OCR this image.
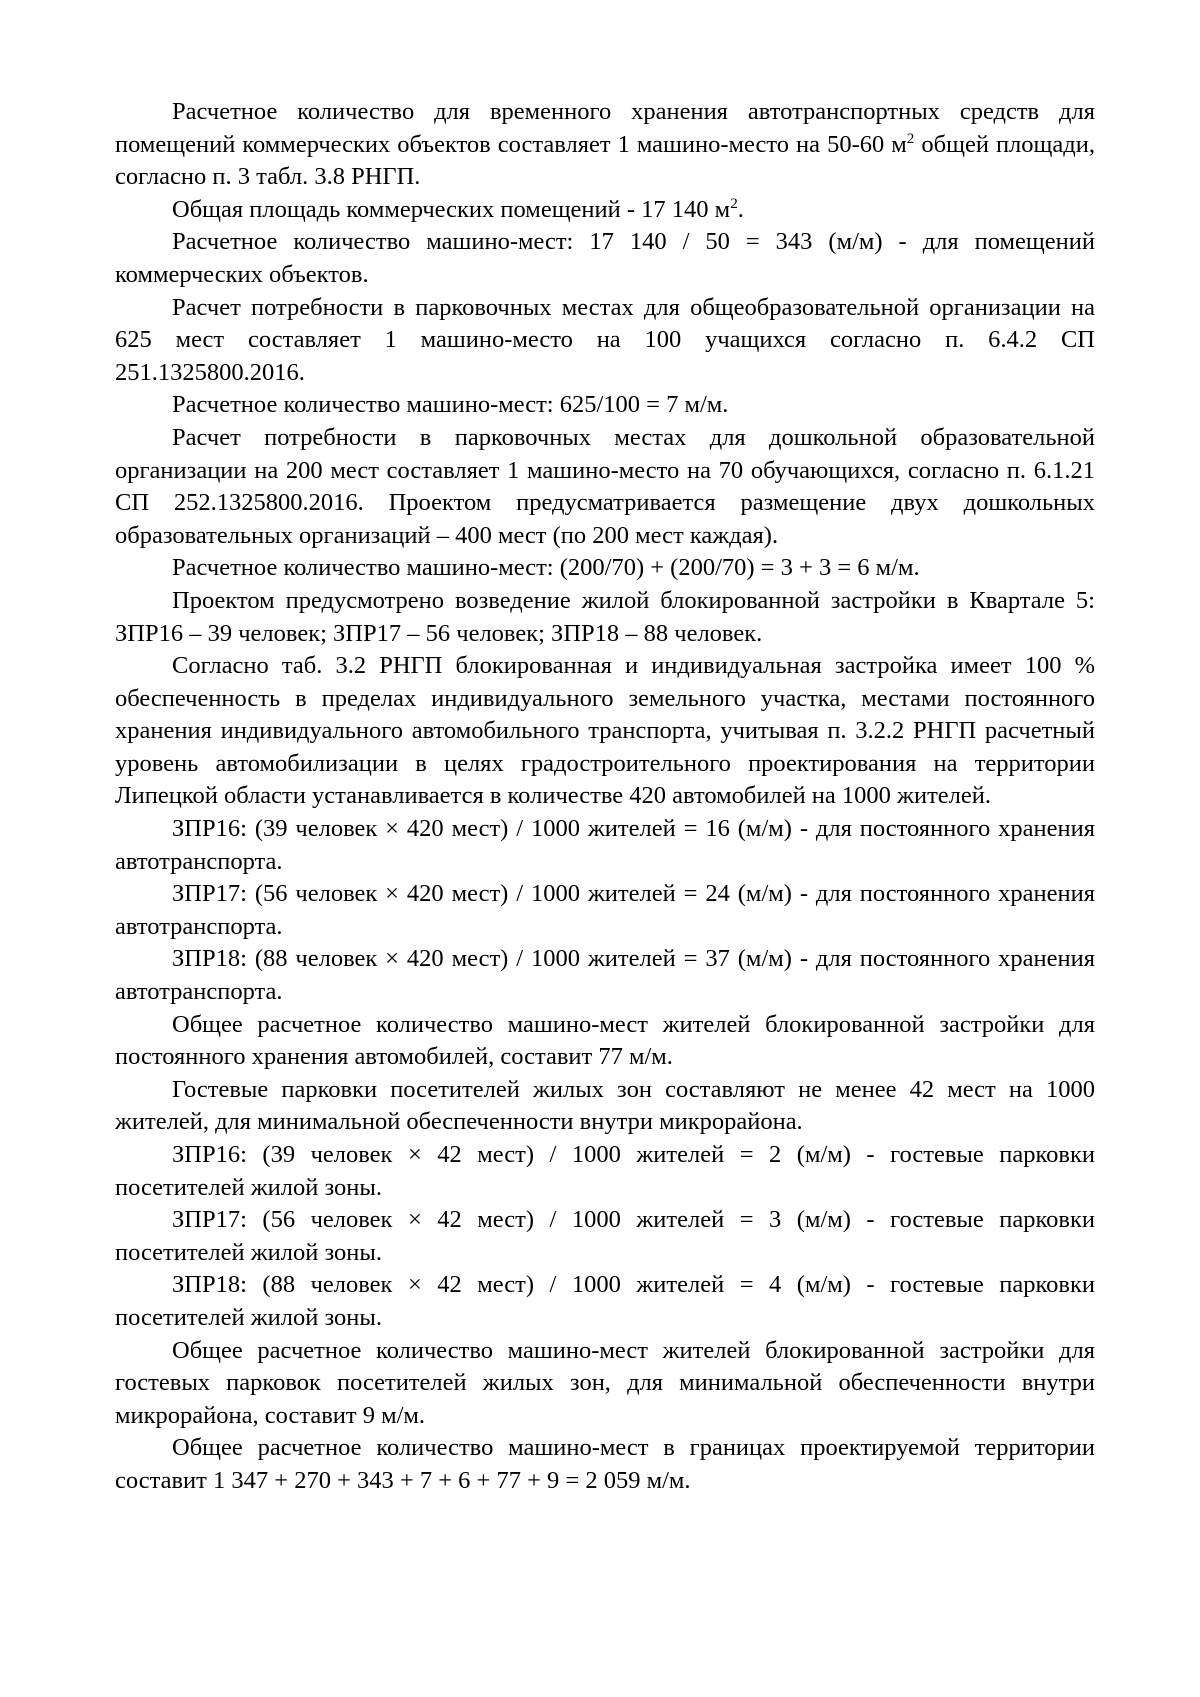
Расчетное количество для временного хранения автотранспортных средств для помещений коммерческих объектов составляет 1 машино-место на 50-60 $м^2$ общей площади, согласно п. 3 табл. 3.8 РНГП.

Общая площадь коммерческих помещений - 17 140 $м^2$.

Расчетное количество машино-мест: 17 140 / 50 = 343 (м/м) - для помещений коммерческих объектов.

Расчет потребности в парковочных местах для общеобразовательной организации на 625 мест составляет 1 машино-место на 100 учащихся согласно п. 6.4.2 СП 251.1325800.2016.

Расчетное количество машино-мест: 625/100 = 7 м/м.

Расчет потребности в парковочных местах для дошкольной образовательной организации на 200 мест составляет 1 машино-место на 70 обучающихся, согласно п. 6.1.21 СП 252.1325800.2016. Проектом предусматривается размещение двух дошкольных образовательных организаций – 400 мест (по 200 мест каждая).

Расчетное количество машино-мест: (200/70) + (200/70) = 3 + 3 = 6 м/м.

Проектом предусмотрено возведение жилой блокированной застройки в Квартале 5: ЗПР16 – 39 человек; ЗПР17 – 56 человек; ЗПР18 – 88 человек.

Согласно таб. 3.2 РНГП блокированная и индивидуальная застройка имеет 100 % обеспеченность в пределах индивидуального земельного участка, местами постоянного хранения индивидуального автомобильного транспорта, учитывая п. 3.2.2 РНГП расчетный уровень автомобилизации в целях градостроительного проектирования на территории Липецкой области устанавливается в количестве 420 автомобилей на 1000 жителей.

ЗПР16: (39 человек × 420 мест) / 1000 жителей = 16 (м/м) - для постоянного хранения автотранспорта.

ЗПР17: (56 человек × 420 мест) / 1000 жителей = 24 (м/м) - для постоянного хранения автотранспорта.

ЗПР18: (88 человек × 420 мест) / 1000 жителей = 37 (м/м) - для постоянного хранения автотранспорта.

Общее расчетное количество машино-мест жителей блокированной застройки для постоянного хранения автомобилей, составит 77 м/м.

Гостевые парковки посетителей жилых зон составляют не менее 42 мест на 1000 жителей, для минимальной обеспеченности внутри микрорайона.

ЗПР16: (39 человек × 42 мест) / 1000 жителей = 2 (м/м) - гостевые парковки посетителей жилой зоны.

ЗПР17: (56 человек × 42 мест) / 1000 жителей = 3 (м/м) - гостевые парковки посетителей жилой зоны.

ЗПР18: (88 человек × 42 мест) / 1000 жителей = 4 (м/м) - гостевые парковки посетителей жилой зоны.

Общее расчетное количество машино-мест жителей блокированной застройки для гостевых парковок посетителей жилых зон, для минимальной обеспеченности внутри микрорайона, составит 9 м/м.

Общее расчетное количество машино-мест в границах проектируемой территории составит 1 347 + 270 + 343 + 7 + 6 + 77 + 9 = 2 059 м/м.
